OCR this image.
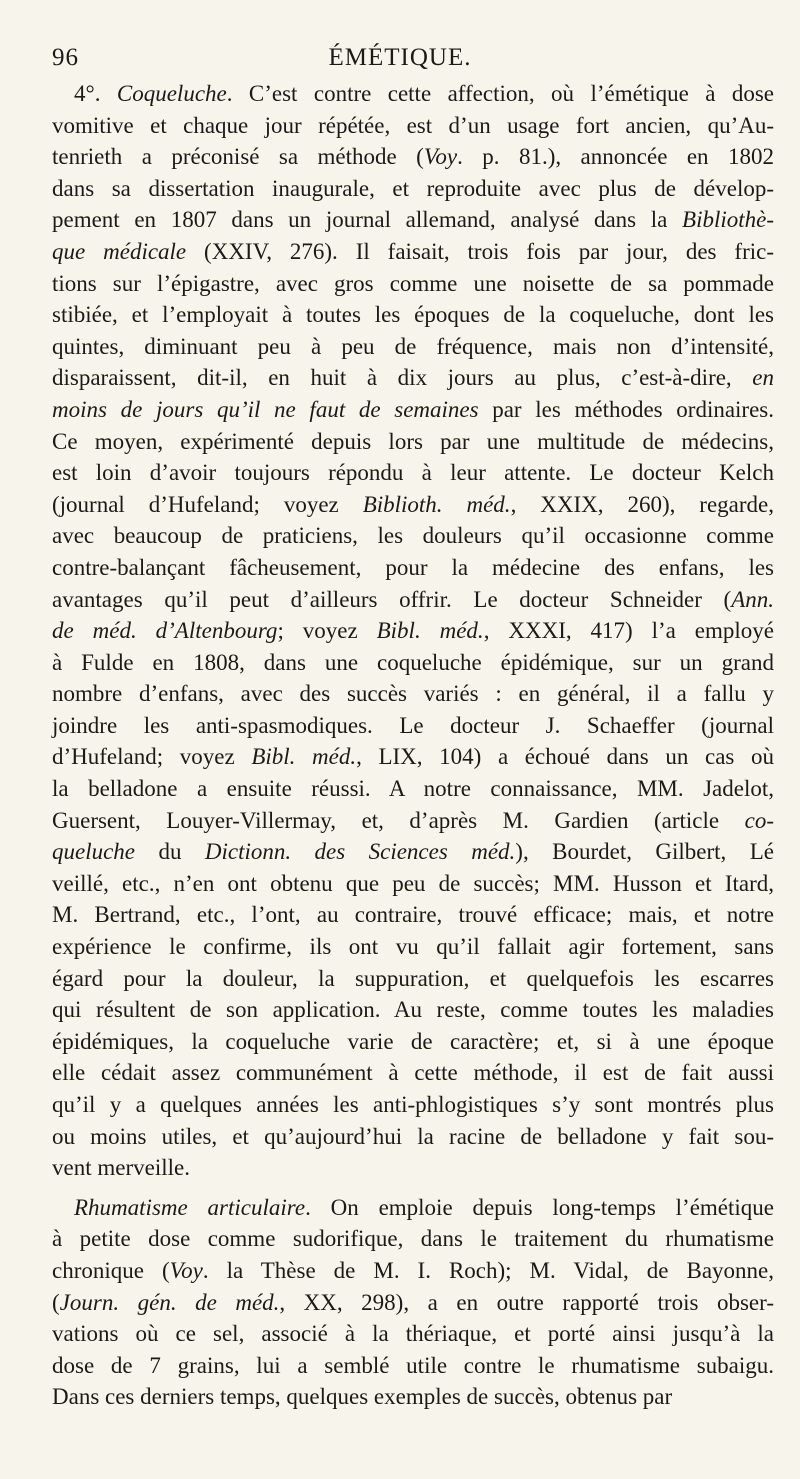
96	ÉMÉTIQUE.
4°. Coqueluche. C’est contre cette affection, où l’émétique à dose
vomitive et chaque jour répétée, est d’un usage fort ancien, qu’Au-
tenrieth a préconisé sa méthode (Voy. p. 81.), annoncée en 1802
dans sa dissertation inaugurale, et reproduite avec plus de dévelop-
pement en 1807 dans un journal allemand, analysé dans la Bibliothè-
que médicale (XXIV, 276). Il faisait, trois fois par jour, des fric-
tions sur l’épigastre, avec gros comme une noisette de sa pommade
stibiée, et l’employait à toutes les époques de la coqueluche, dont les
quintes, diminuant peu à peu de fréquence, mais non d’intensité,
disparaissent, dit-il, en huit à dix jours au plus, c’est-à-dire, en
moins de jours qu’il ne faut de semaines par les méthodes ordinaires.
Ce moyen, expérimenté depuis lors par une multitude de médecins,
est loin d’avoir toujours répondu à leur attente. Le docteur Kelch
(journal d’Hufeland; voyez Biblioth. méd., XXIX, 260), regarde,
avec beaucoup de praticiens, les douleurs qu’il occasionne comme
contre-balançant fâcheusement, pour la médecine des enfans, les
avantages qu’il peut d’ailleurs offrir. Le docteur Schneider (Ann.
de méd. d’Altenbourg; voyez Bibl. méd., XXXI, 417) l’a employé
à Fulde en 1808, dans une coqueluche épidémique, sur un grand
nombre d’enfans, avec des succès variés : en général, il a fallu y
joindre les anti-spasmodiques. Le docteur J. Schaeffer (journal
d’Hufeland; voyez Bibl. méd., LIX, 104) a échoué dans un cas où
la belladone a ensuite réussi. A notre connaissance, MM. Jadelot,
Guersent, Louyer-Villermay, et, d’après M. Gardien (article co-
queluche du Dictionn. des Sciences méd.), Bourdet, Gilbert, Lé
veillé, etc., n’en ont obtenu que peu de succès; MM. Husson et Itard,
M. Bertrand, etc., l’ont, au contraire, trouvé efficace; mais, et notre
expérience le confirme, ils ont vu qu’il fallait agir fortement, sans
égard pour la douleur, la suppuration, et quelquefois les escarres
qui résultent de son application. Au reste, comme toutes les maladies
épidémiques, la coqueluche varie de caractère; et, si à une époque
elle cédait assez communément à cette méthode, il est de fait aussi
qu’il y a quelques années les anti-phlogistiques s’y sont montrés plus
ou moins utiles, et qu’aujourd’hui la racine de belladone y fait sou-
vent merveille.
Rhumatisme articulaire. On emploie depuis long-temps l’émétique
à petite dose comme sudorifique, dans le traitement du rhumatisme
chronique (Voy. la Thèse de M. I. Roch); M. Vidal, de Bayonne,
(Journ. gén. de méd., XX, 298), a en outre rapporté trois obser-
vations où ce sel, associé à la thériaque, et porté ainsi jusqu’à la
dose de 7 grains, lui a semblé utile contre le rhumatisme subaigu.
Dans ces derniers temps, quelques exemples de succès, obtenus par
